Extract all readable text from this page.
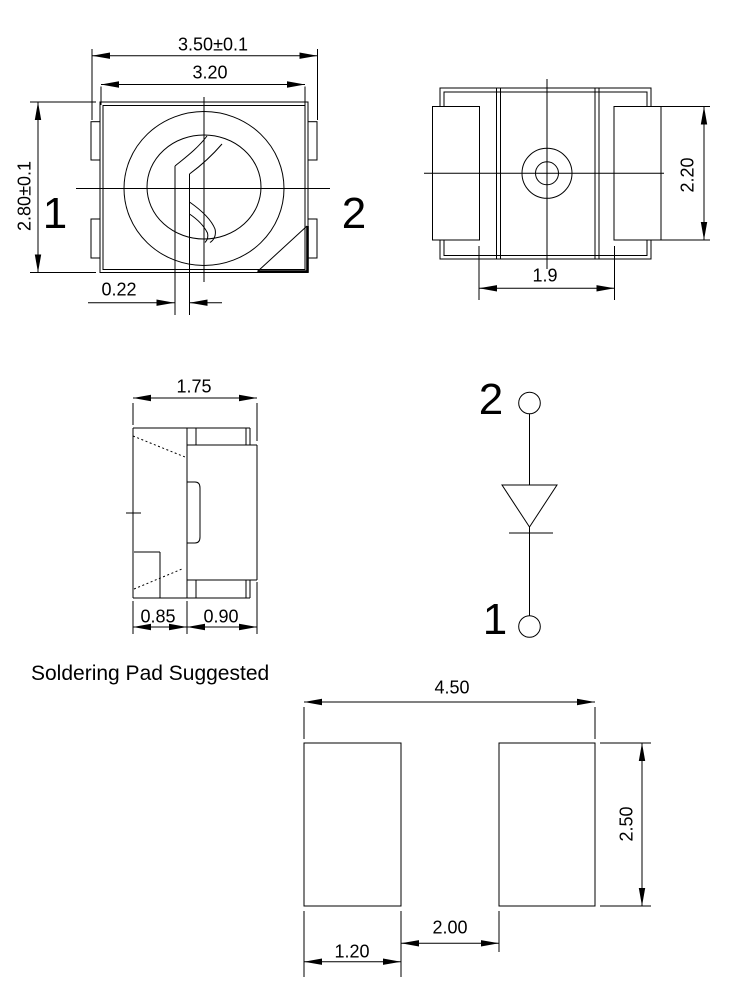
3.50±0.1
3.20
2.80±0.1
0.22
1	2
2.20
1.9
1.75
0.85 0.90
2
1
Soldering Pad Suggested
4.50
2.50
2.00
1.20
